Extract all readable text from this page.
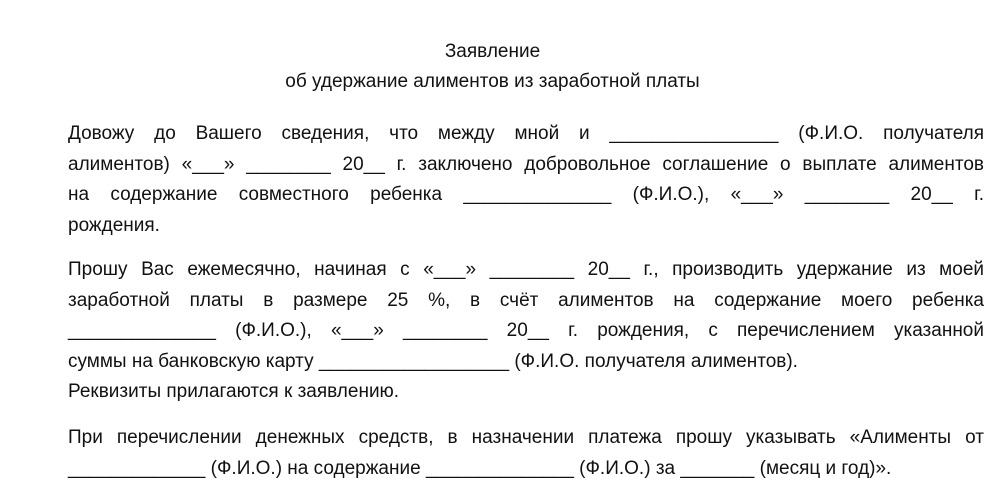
Заявление

об удержание алиментов из заработной платы

Довожу до Вашего сведения, что между мной и ________________ (Ф.И.О. получателя
алиментов) «___» ________ 20__ г. заключено добровольное соглашение о выплате алиментов
на содержание совместного ребенка ______________ (Ф.И.О.), «___» ________ 20__ г.
рождения.
Прошу Вас ежемесячно, начиная с «___» ________ 20__ г., производить удержание из моей
заработной платы в размере 25 %, в счёт алиментов на содержание моего ребенка
______________ (Ф.И.О.), «___» ________ 20__ г. рождения, с перечислением указанной
суммы на банковскую карту __________________ (Ф.И.О. получателя алиментов).
Реквизиты прилагаются к заявлению.
При перечислении денежных средств, в назначении платежа прошу указывать «Алименты от
_____________ (Ф.И.О.) на содержание ______________ (Ф.И.О.) за _______ (месяц и год)».
